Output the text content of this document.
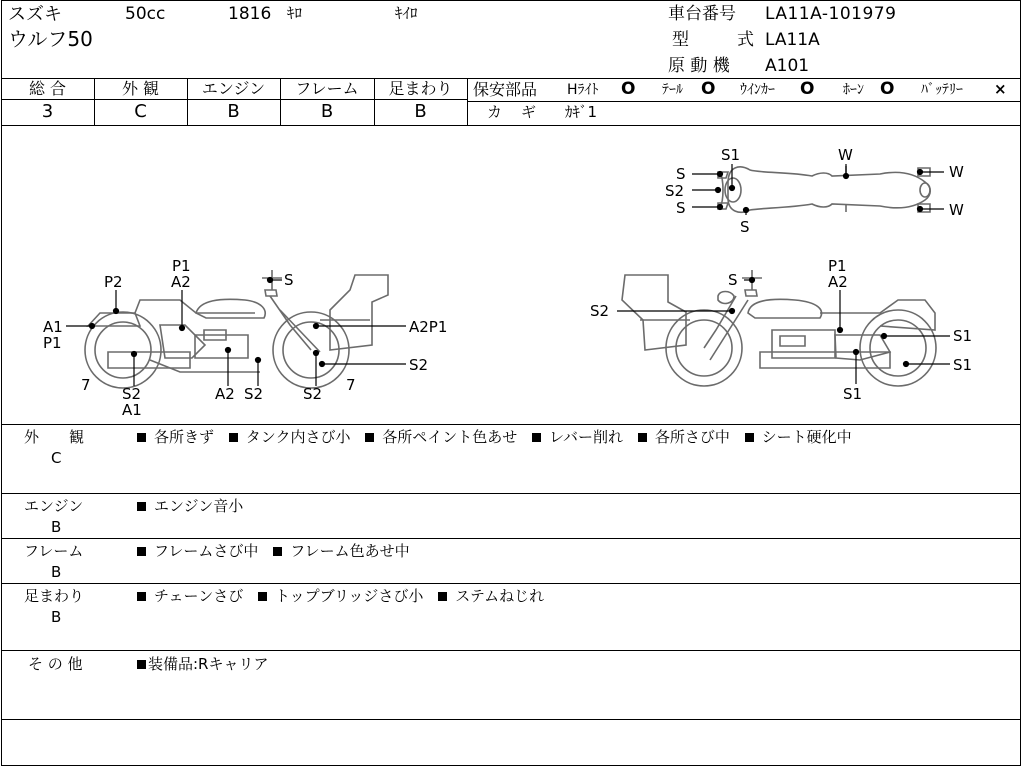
スズキ	50cc	1816 ｷﾛ	ｷｲﾛ
ウルフ50
車台番号 LA11A-101979
型	式 LA11A
原 動 機 A101
総 合	外 観	エンジン	フレーム	足まわり
3	C	B	B	B
保安部品 Hﾗｲﾄ O ﾃｰﾙ O ｳｲﾝｶｰ O ﾎｰﾝ O ﾊﾞｯﾃﾘｰ ×
カ　ギ ｶｷﾞ1
S1	W
S	W
S2
S	W
S
P1
A2	S
P2
A1
P1
A2P1
7 S2
A1
A2 S2	S2 7
S2
S
P1
A2
S2
S1
S1
S1
外　　観
C
各所きず タンク内さび小 各所ペイント色あせ レバー削れ 各所さび中 シート硬化中
エンジン
B
エンジン音小
フレーム
B
フレームさび中 フレーム色あせ中
足まわり
B
チェーンさび トップブリッジさび小 ステムねじれ
そ の 他	装備品:Rキャリア
